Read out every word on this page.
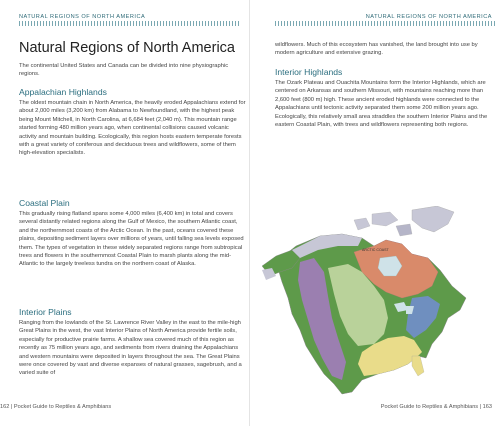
NATURAL REGIONS OF NORTH AMERICA
Natural Regions of North America

The continental United States and Canada can be divided into nine physiographic regions.

Appalachian Highlands

The oldest mountain chain in North America, the heavily eroded Appalachians extend for about 2,000 miles (3,200 km) from Alabama to Newfoundland, with the highest peak being Mount Mitchell, in North Carolina, at 6,684 feet (2,040 m). This mountain range started forming 480 million years ago, when continental collisions caused volcanic activity and mountain building. Ecologically, this region hosts eastern temperate forests with a great variety of coniferous and deciduous trees and wildflowers, some of them high-elevation specialists.

Coastal Plain

This gradually rising flatland spans some 4,000 miles (6,400 km) in total and covers several distantly related regions along the Gulf of Mexico, the southern Atlantic coast, and the northernmost coasts of the Arctic Ocean. In the past, oceans covered these plains, depositing sediment layers over millions of years, until falling sea levels exposed them. The types of vegetation in these widely separated regions range from subtropical trees and flowers in the southernmost Coastal Plain to marsh plants along the mid-Atlantic to the largely treeless tundra on the northern coast of Alaska.

Interior Plains

Ranging from the lowlands of the St. Lawrence River Valley in the east to the mile-high Great Plains in the west, the vast Interior Plains of North America provide fertile soils, especially for productive prairie farms. A shallow sea covered much of this region as recently as 75 million years ago, and sediments from rivers draining the Appalachians and western mountains were deposited in layers throughout the sea. The Great Plains were once covered by vast and diverse expanses of natural grasses, sagebrush, and a varied suite of

162 | Pocket Guide to Reptiles & Amphibians
NATURAL REGIONS OF NORTH AMERICA

wildflowers. Much of this ecosystem has vanished, the land brought into use by modern agriculture and extensive grazing.

Interior Highlands

The Ozark Plateau and Ouachita Mountains form the Interior Highlands, which are centered on Arkansas and southern Missouri, with mountains reaching more than 2,600 feet (800 m) high. These ancient eroded highlands were connected to the Appalachians until tectonic activity separated them some 200 million years ago. Ecologically, this relatively small area straddles the southern Interior Plains and the eastern Coastal Plain, with trees and wildflowers representing both regions.

Pocket Guide to Reptiles & Amphibians | 163
ARCTIC COAST
